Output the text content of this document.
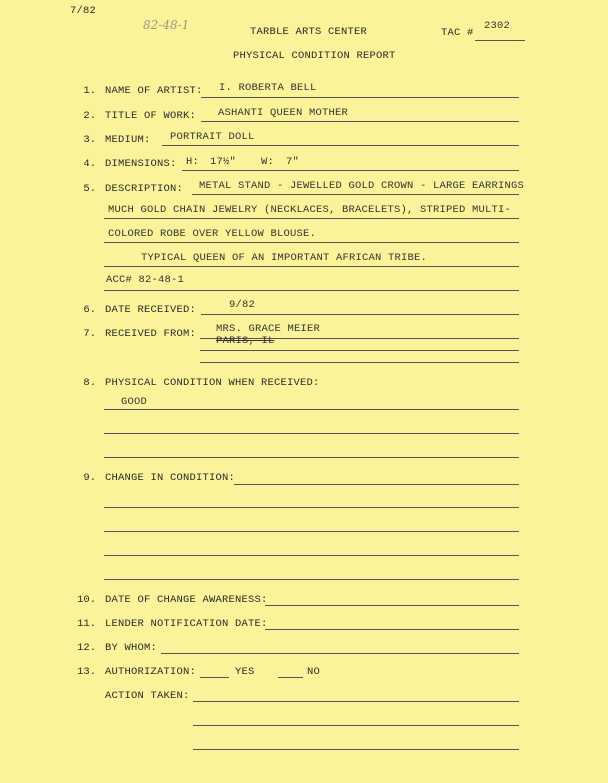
7/82
82-48-1	TARBLE ARTS CENTER	TAC #
2302
PHYSICAL CONDITION REPORT
1. NAME OF ARTIST: I. ROBERTA BELL
2. TITLE OF WORK: ASHANTI QUEEN MOTHER
3. MEDIUM: PORTRAIT DOLL
4. DIMENSIONS: H: 17½" W: 7"
5. DESCRIPTION: METAL STAND - JEWELLED GOLD CROWN - LARGE EARRINGS
MUCH GOLD CHAIN JEWELRY (NECKLACES, BRACELETS), STRIPED MULTI-
COLORED ROBE OVER YELLOW BLOUSE.
TYPICAL QUEEN OF AN IMPORTANT AFRICAN TRIBE.
ACC# 82-48-1
6. DATE RECEIVED:	9/82
7. RECEIVED FROM: MRS. GRACE MEIER
PARIS, IL
8. PHYSICAL CONDITION WHEN RECEIVED:
GOOD
9. CHANGE IN CONDITION:
10. DATE OF CHANGE AWARENESS:
11. LENDER NOTIFICATION DATE:
12. BY WHOM:
13. AUTHORIZATION:	YES	NO
ACTION TAKEN:
